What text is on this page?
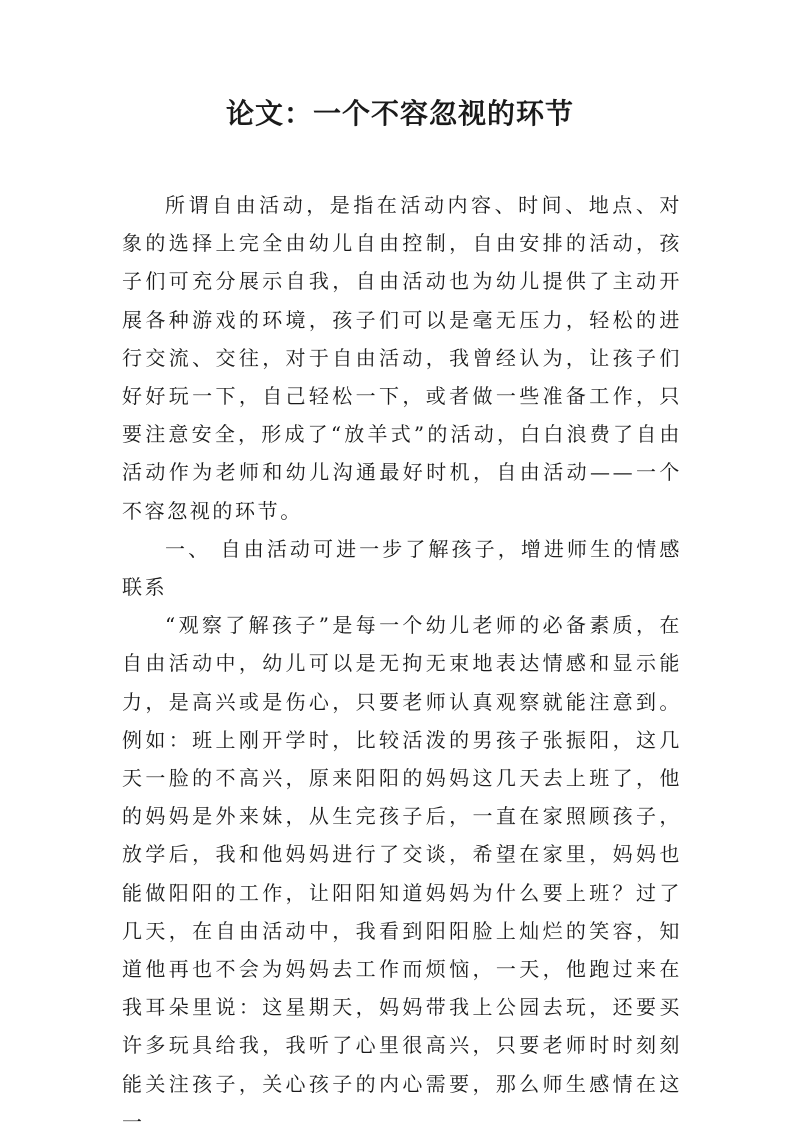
论文：一个不容忽视的环节

所谓自由活动，是指在活动内容、时间、地点、对象的选择上完全由幼儿自由控制，自由安排的活动，孩子们可充分展示自我，自由活动也为幼儿提供了主动开展各种游戏的环境，孩子们可以是毫无压力，轻松的进行交流、交往，对于自由活动，我曾经认为，让孩子们好好玩一下，自己轻松一下，或者做一些准备工作，只要注意安全，形成了“放羊式”的活动，白白浪费了自由活动作为老师和幼儿沟通最好时机，自由活动——一个不容忽视的环节。

一、 自由活动可进一步了解孩子，增进师生的情感联系

“观察了解孩子”是每一个幼儿老师的必备素质，在自由活动中，幼儿可以是无拘无束地表达情感和显示能力，是高兴或是伤心，只要老师认真观察就能注意到。例如：班上刚开学时，比较活泼的男孩子张振阳，这几天一脸的不高兴，原来阳阳的妈妈这几天去上班了，他的妈妈是外来妹，从生完孩子后，一直在家照顾孩子，放学后，我和他妈妈进行了交谈，希望在家里，妈妈也能做阳阳的工作，让阳阳知道妈妈为什么要上班？过了几天，在自由活动中，我看到阳阳脸上灿烂的笑容，知道他再也不会为妈妈去工作而烦恼，一天，他跑过来在我耳朵里说：这星期天，妈妈带我上公园去玩，还要买许多玩具给我，我听了心里很高兴，只要老师时时刻刻能关注孩子，关心孩子的内心需要，那么师生感情在这一
